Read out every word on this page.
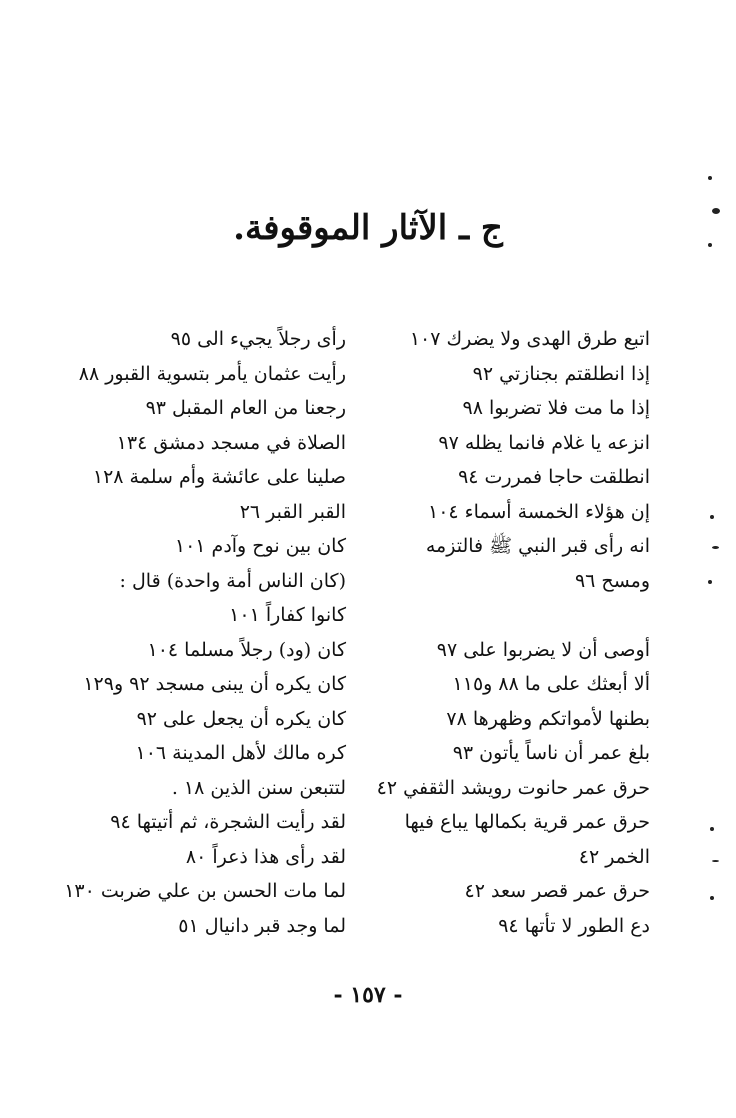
ج ـ الآثار الموقوفة.
اتبع طرق الهدى ولا يضرك ١٠٧
إذا انطلقتم بجنازتي ٩٢
إذا ما مت فلا تضربوا ٩٨
انزعه يا غلام فانما يظله ٩٧
انطلقت حاجا فمررت ٩٤
إن هؤلاء الخمسة أسماء ١٠٤
انه رأى قبر النبي ﷺ فالتزمه ومسح ٩٦
أوصى أن لا يضربوا على ٩٧
ألا أبعثك على ما ٨٨ و١١٥
بطنها لأمواتكم وظهرها ٧٨
بلغ عمر أن ناساً يأتون ٩٣
حرق عمر حانوت رويشد الثقفي ٤٢
حرق عمر قرية بكمالها يباع فيها الخمر ٤٢
حرق عمر قصر سعد ٤٢
دع الطور لا تأتها ٩٤
رأى رجلاً يجيء الى ٩٥
رأيت عثمان يأمر بتسوية القبور ٨٨
رجعنا من العام المقبل ٩٣
الصلاة في مسجد دمشق ١٣٤
صلينا على عائشة وأم سلمة ١٢٨
القبر القبر ٢٦
كان بين نوح وآدم ١٠١
(كان الناس أمة واحدة) قال : كانوا كفاراً ١٠١
كان (ود) رجلاً مسلما ١٠٤
كان يكره أن يبنى مسجد ٩٢ و١٢٩
كان يكره أن يجعل على ٩٢
كره مالك لأهل المدينة ١٠٦
لتتبعن سنن الذين ١٨ .
لقد رأيت الشجرة، ثم أتيتها ٩٤
لقد رأى هذا ذعراً ٨٠
لما مات الحسن بن علي ضربت ١٣٠
لما وجد قبر دانيال ٥١
- ١٥٧ -
